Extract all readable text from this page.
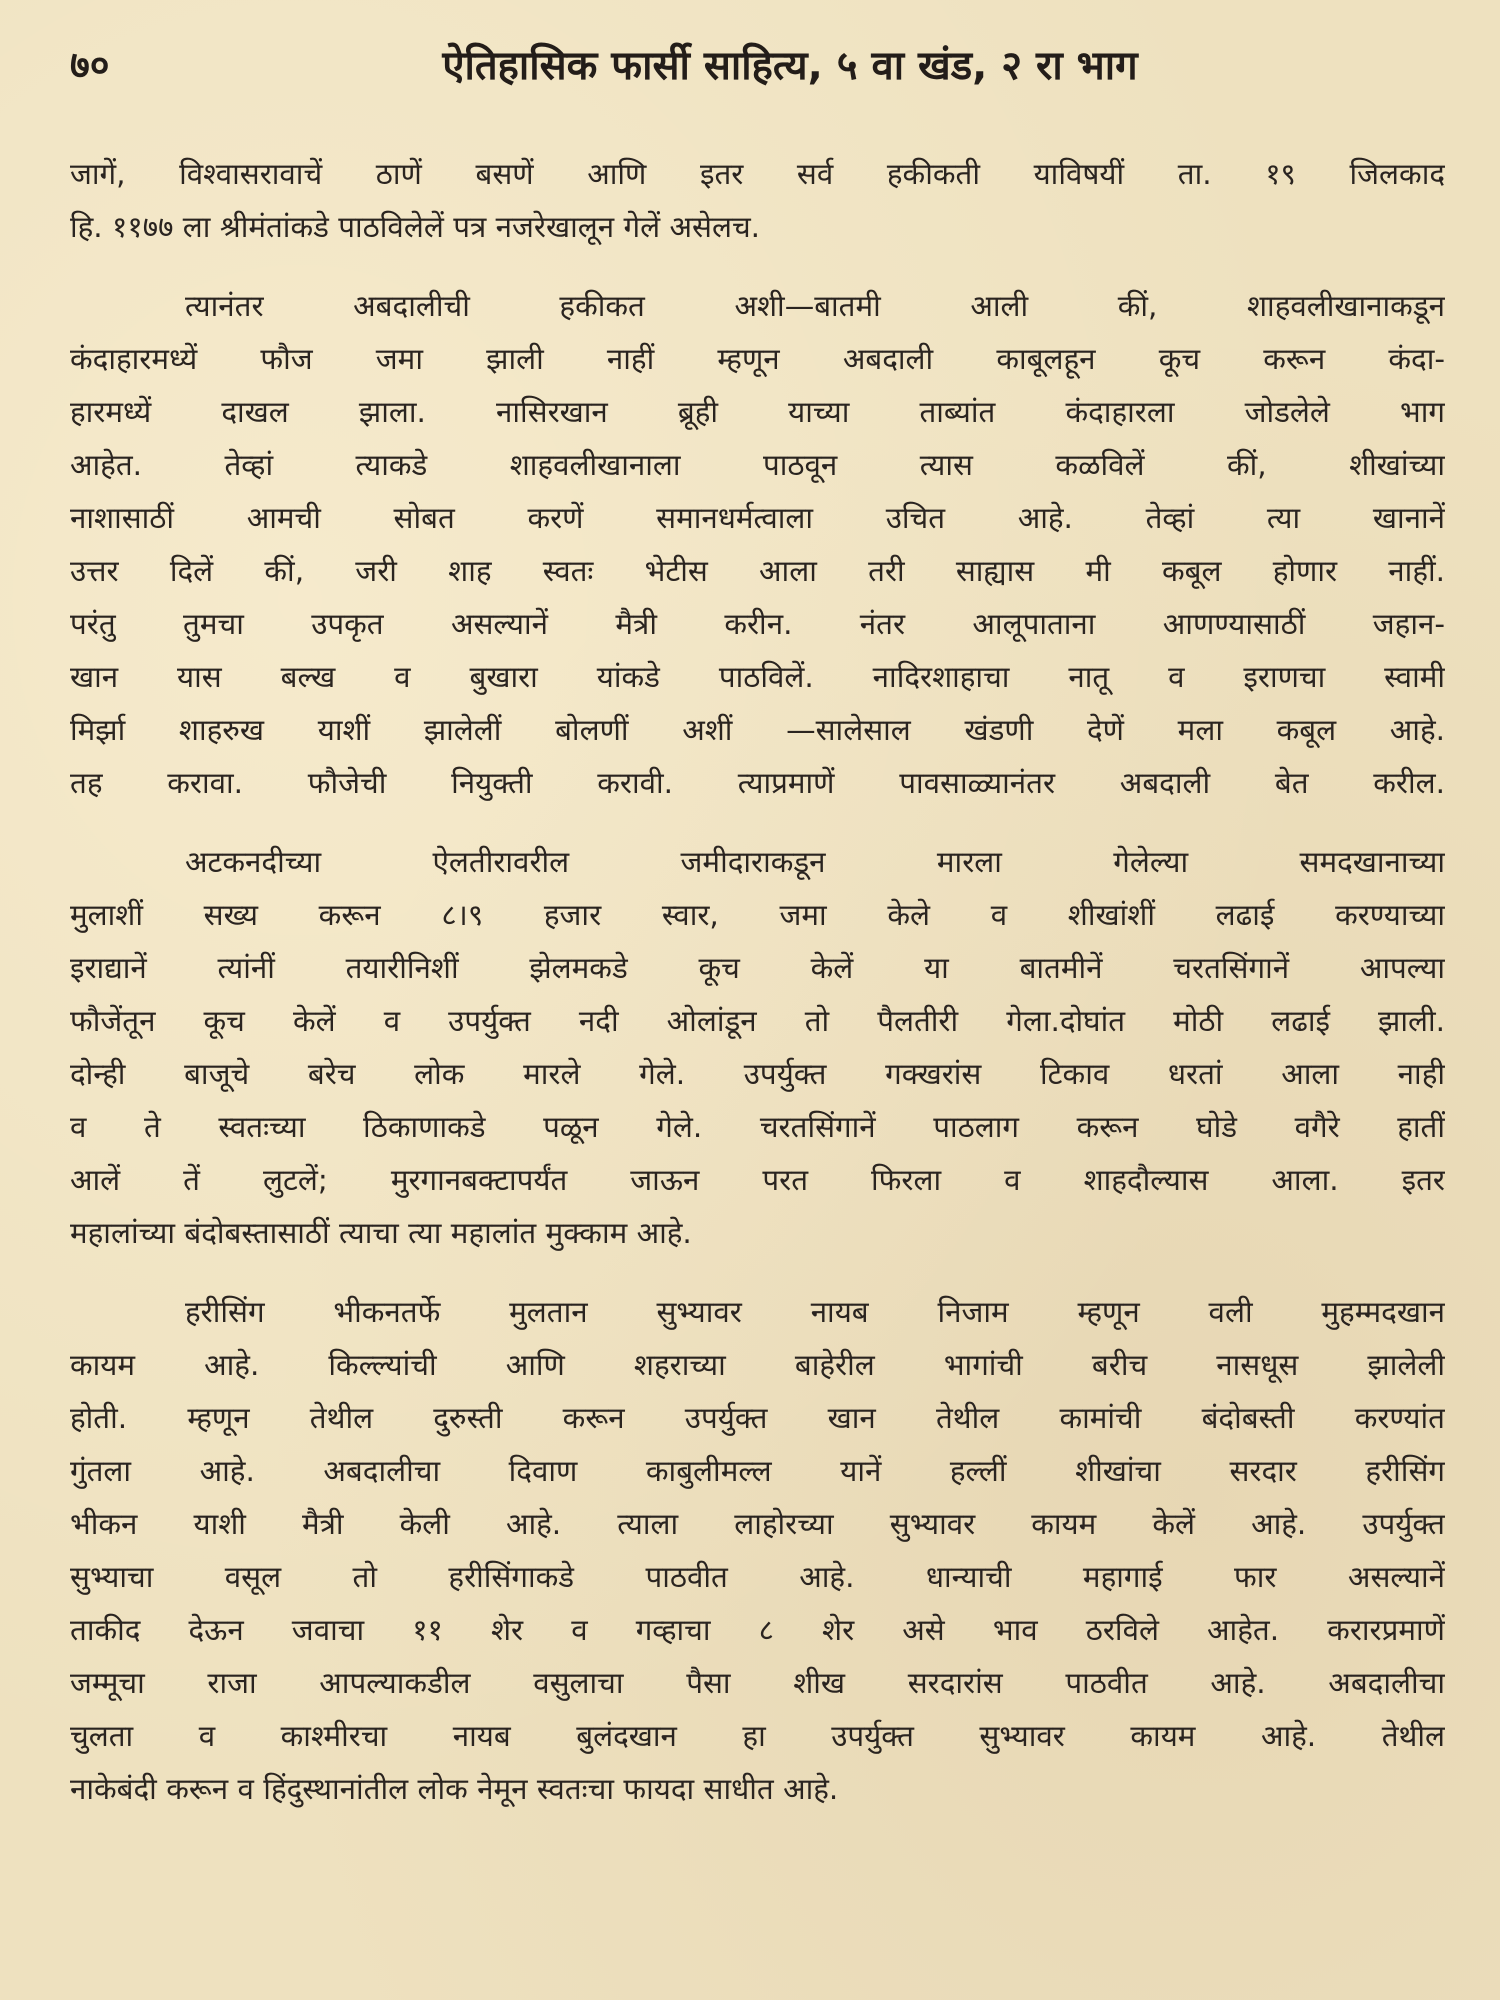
७०	ऐतिहासिक फार्सी साहित्य, ५ वा खंड, २ रा भाग

जागें, विश्वासरावाचें ठाणें बसणें आणि इतर सर्व हकीकती याविषयीं ता. १९ जिलकाद
हि. ११७७ ला श्रीमंतांकडे पाठविलेलें पत्र नजरेखालून गेलें असेलच.

त्यानंतर अबदालीची हकीकत अशी—बातमी आली कीं, शाहवलीखानाकडून
कंदाहारमध्यें फौज जमा झाली नाहीं म्हणून अबदाली काबूलहून कूच करून कंदा-
हारमध्यें दाखल झाला. नासिरखान ब्रूही याच्या ताब्यांत कंदाहारला जोडलेले भाग
आहेत. तेव्हां त्याकडे शाहवलीखानाला पाठवून त्यास कळविलें कीं, शीखांच्या
नाशासाठीं आमची सोबत करणें समानधर्मत्वाला उचित आहे. तेव्हां त्या खानानें
उत्तर दिलें कीं, जरी शाह स्वतः भेटीस आला तरी साह्यास मी कबूल होणार नाहीं.
परंतु तुमचा उपकृत असल्यानें मैत्री करीन. नंतर आलूपाताना आणण्यासाठीं जहान-
खान यास बल्ख व बुखारा यांकडे पाठविलें. नादिरशाहाचा नातू व इराणचा स्वामी
मिर्झा शाहरुख याशीं झालेलीं बोलणीं अशीं —सालेसाल खंडणी देणें मला कबूल आहे.
तह करावा. फौजेची नियुक्ती करावी. त्याप्रमाणें पावसाळ्यानंतर अबदाली बेत करील.

अटकनदीच्या ऐलतीरावरील जमीदाराकडून मारला गेलेल्या समदखानाच्या
मुलाशीं सख्य करून ८।९ हजार स्वार, जमा केले व शीखांशीं लढाई करण्याच्या
इराद्यानें त्यांनीं तयारीनिशीं झेलमकडे कूच केलें या बातमीनें चरतसिंगानें आपल्या
फौजेंतून कूच केलें व उपर्युक्त नदी ओलांडून तो पैलतीरी गेला.दोघांत मोठी लढाई झाली.
दोन्ही बाजूचे बरेच लोक मारले गेले. उपर्युक्त गक्खरांस टिकाव धरतां आला नाही
व ते स्वतःच्या ठिकाणाकडे पळून गेले. चरतसिंगानें पाठलाग करून घोडे वगैरे हातीं
आलें तें लुटलें; मुरगानबक्टापर्यंत जाऊन परत फिरला व शाहदौल्यास आला. इतर
महालांच्या बंदोबस्तासाठीं त्याचा त्या महालांत मुक्काम आहे.

हरीसिंग भीकनतर्फे मुलतान सुभ्यावर नायब निजाम म्हणून वली मुहम्मदखान
कायम आहे. किल्ल्यांची आणि शहराच्या बाहेरील भागांची बरीच नासधूस झालेली
होती. म्हणून तेथील दुरुस्ती करून उपर्युक्त खान तेथील कामांची बंदोबस्ती करण्यांत
गुंतला आहे. अबदालीचा दिवाण काबुलीमल्ल यानें हल्लीं शीखांचा सरदार हरीसिंग
भीकन याशी मैत्री केली आहे. त्याला लाहोरच्या सुभ्यावर कायम केलें आहे. उपर्युक्त
सुभ्याचा वसूल तो हरीसिंगाकडे पाठवीत आहे. धान्याची महागाई फार असल्यानें
ताकीद देऊन जवाचा ११ शेर व गव्हाचा ८ शेर असे भाव ठरविले आहेत. करारप्रमाणें
जम्मूचा राजा आपल्याकडील वसुलाचा पैसा शीख सरदारांस पाठवीत आहे. अबदालीचा
चुलता व काश्मीरचा नायब बुलंदखान हा उपर्युक्त सुभ्यावर कायम आहे. तेथील
नाकेबंदी करून व हिंदुस्थानांतील लोक नेमून स्वतःचा फायदा साधीत आहे.
